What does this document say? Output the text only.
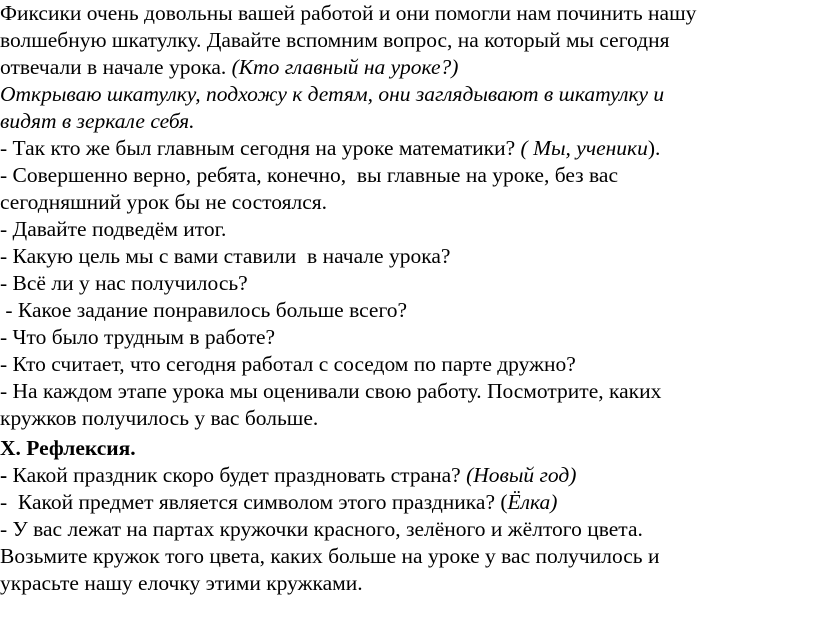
Фиксики очень довольны вашей работой и они помогли нам починить нашу
волшебную шкатулку. Давайте вспомним вопрос, на который мы сегодня
отвечали в начале урока. (Кто главный на уроке?)
Открываю шкатулку, подхожу к детям, они заглядывают в шкатулку и
видят в зеркале себя.
- Так кто же был главным сегодня на уроке математики? ( Мы, ученики).
- Совершенно верно, ребята, конечно,  вы главные на уроке, без вас
сегодняшний урок бы не состоялся.
- Давайте подведём итог.
- Какую цель мы с вами ставили  в начале урока?
- Всё ли у нас получилось?
- Какое задание понравилось больше всего?
- Что было трудным в работе?
- Кто считает, что сегодня работал с соседом по парте дружно?
- На каждом этапе урока мы оценивали свою работу. Посмотрите, каких
кружков получилось у вас больше.
X. Рефлексия.
- Какой праздник скоро будет праздновать страна? (Новый год)
-  Какой предмет является символом этого праздника? (Ёлка)
- У вас лежат на партах кружочки красного, зелёного и жёлтого цвета.
Возьмите кружок того цвета, каких больше на уроке у вас получилось и
украсьте нашу елочку этими кружками.
